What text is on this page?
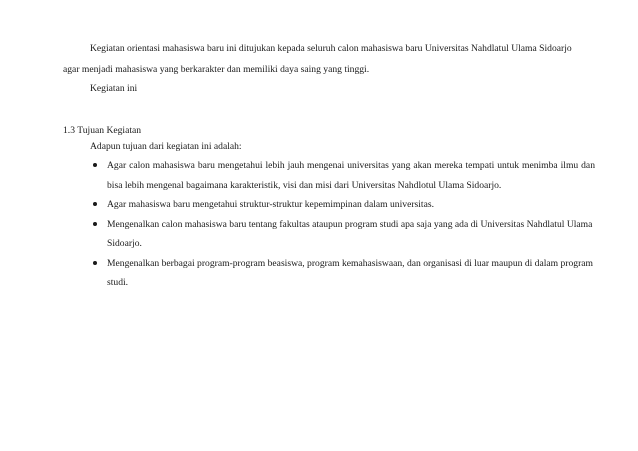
Kegiatan orientasi mahasiswa baru ini ditujukan kepada seluruh calon mahasiswa baru Universitas Nahdlatul Ulama Sidoarjo agar menjadi mahasiswa yang berkarakter dan memiliki daya saing yang tinggi.

Kegiatan ini

1.3 Tujuan Kegiatan

Adapun tujuan dari kegiatan ini adalah:

Agar calon mahasiswa baru mengetahui lebih jauh mengenai universitas yang akan mereka tempati untuk menimba ilmu dan bisa lebih mengenal bagaimana karakteristik, visi dan misi dari Universitas Nahdlotul Ulama Sidoarjo.
Agar mahasiswa baru mengetahui struktur-struktur kepemimpinan dalam universitas.
Mengenalkan calon mahasiswa baru tentang fakultas ataupun program studi apa saja yang ada di Universitas Nahdlatul Ulama Sidoarjo.
Mengenalkan berbagai program-program beasiswa, program kemahasiswaan, dan organisasi di luar maupun di dalam program studi.
